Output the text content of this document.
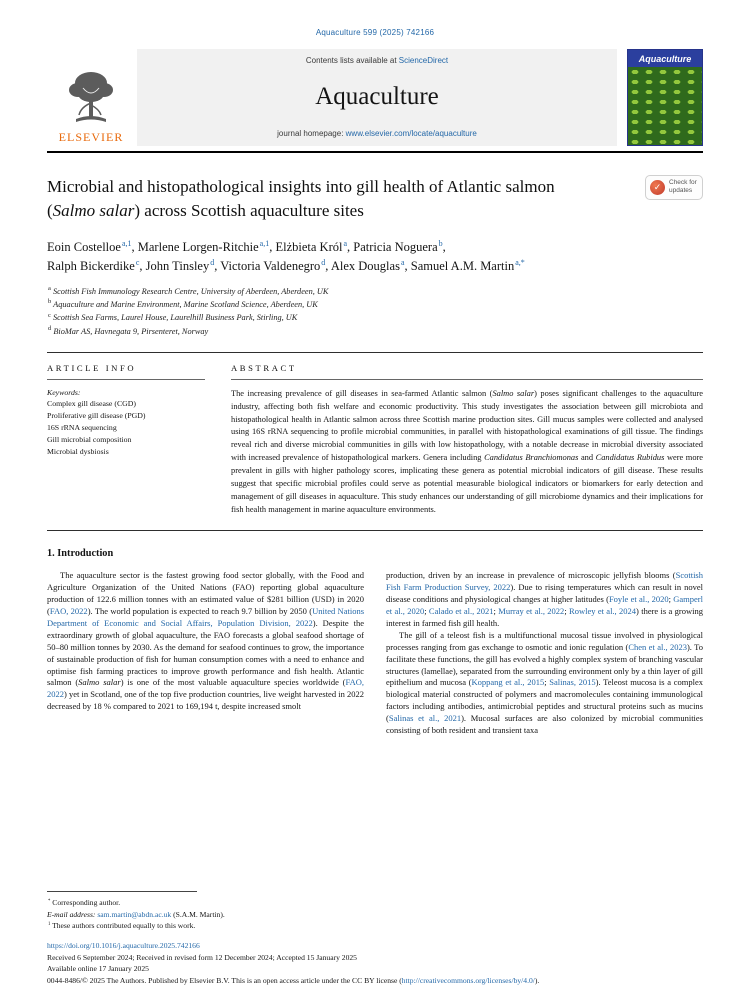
Aquaculture 599 (2025) 742166
ELSEVIER
Contents lists available at ScienceDirect
Aquaculture
journal homepage: www.elsevier.com/locate/aquaculture
Aquaculture
Microbial and histopathological insights into gill health of Atlantic salmon
(Salmo salar) across Scottish aquaculture sites
✓	Check for updates
Eoin Costelloe$^{a,1}$, Marlene Lorgen-Ritchie$^{a,1}$, Elżbieta Król$^a$, Patricia Noguera$^b$,
Ralph Bickerdike$^c$, John Tinsley$^d$, Victoria Valdenegro$^d$, Alex Douglas$^a$, Samuel A.M. Martin$^{a,*}$
$^a$ Scottish Fish Immunology Research Centre, University of Aberdeen, Aberdeen, UK
$^b$ Aquaculture and Marine Environment, Marine Scotland Science, Aberdeen, UK
$^c$ Scottish Sea Farms, Laurel House, Laurelhill Business Park, Stirling, UK
$^d$ BioMar AS, Havnegata 9, Pirsenteret, Norway
ARTICLE INFO
Keywords:
Complex gill disease (CGD)
Proliferative gill disease (PGD)
16S rRNA sequencing
Gill microbial composition
Microbial dysbiosis
ABSTRACT
The increasing prevalence of gill diseases in sea-farmed Atlantic salmon (Salmo salar) poses significant challenges to the aquaculture industry, affecting both fish welfare and economic productivity. This study investigates the association between gill microbiota and histopathological health in Atlantic salmon across three Scottish marine production sites. Gill mucus samples were collected and analysed using 16S rRNA sequencing to profile microbial communities, in parallel with histopathological examinations of gill tissue. The findings reveal rich and diverse microbial communities in gills with low histopathology, with a notable decrease in microbial diversity associated with increased prevalence of histopathological markers. Genera including Candidatus Branchiomonas and Candidatus Rubidus were more prevalent in gills with higher pathology scores, implicating these genera as potential microbial indicators of gill disease. These results suggest that specific microbial profiles could serve as potential measurable biological indicators or biomarkers for early detection and management of gill diseases in aquaculture. This study enhances our understanding of gill microbiome dynamics and their implications for fish health management in marine aquaculture environments.
1. Introduction

The aquaculture sector is the fastest growing food sector globally, with the Food and Agriculture Organization of the United Nations (FAO) reporting global aquaculture production of 122.6 million tonnes with an estimated value of $281 billion (USD) in 2020 (FAO, 2022). The world population is expected to reach 9.7 billion by 2050 (United Nations Department of Economic and Social Affairs, Population Division, 2022). Despite the extraordinary growth of global aquaculture, the FAO forecasts a global seafood shortage of 50–80 million tonnes by 2030. As the demand for seafood continues to grow, the importance of sustainable production of fish for human consumption comes with a need to enhance and optimise fish farming practices to improve growth performance and fish health. Atlantic salmon (Salmo salar) is one of the most valuable aquaculture species worldwide (FAO, 2022) yet in Scotland, one of the top five production countries, live weight harvested in 2022 decreased by 18 % compared to 2021 to 169,194 t, despite increased smolt

production, driven by an increase in prevalence of microscopic jellyfish blooms (Scottish Fish Farm Production Survey, 2022). Due to rising temperatures which can result in novel disease conditions and physiological changes at higher latitudes (Foyle et al., 2020; Gamperl et al., 2020; Calado et al., 2021; Murray et al., 2022; Rowley et al., 2024) there is a growing interest in farmed fish gill health.

The gill of a teleost fish is a multifunctional mucosal tissue involved in physiological processes ranging from gas exchange to osmotic and ionic regulation (Chen et al., 2023). To facilitate these functions, the gill has evolved a highly complex system of branching vascular structures (lamellae), separated from the surrounding environment only by a thin layer of gill epithelium and mucosa (Koppang et al., 2015; Salinas, 2015). Teleost mucosa is a complex biological material constructed of polymers and macromolecules containing immunological factors including antibodies, antimicrobial peptides and structural proteins such as mucins (Salinas et al., 2021). Mucosal surfaces are also colonized by microbial communities consisting of both resident and transient taxa

* Corresponding author.
E-mail address: sam.martin@abdn.ac.uk (S.A.M. Martin).
$^1$ These authors contributed equally to this work.
https://doi.org/10.1016/j.aquaculture.2025.742166
Received 6 September 2024; Received in revised form 12 December 2024; Accepted 15 January 2025
Available online 17 January 2025
0044-8486/© 2025 The Authors. Published by Elsevier B.V. This is an open access article under the CC BY license (http://creativecommons.org/licenses/by/4.0/).
